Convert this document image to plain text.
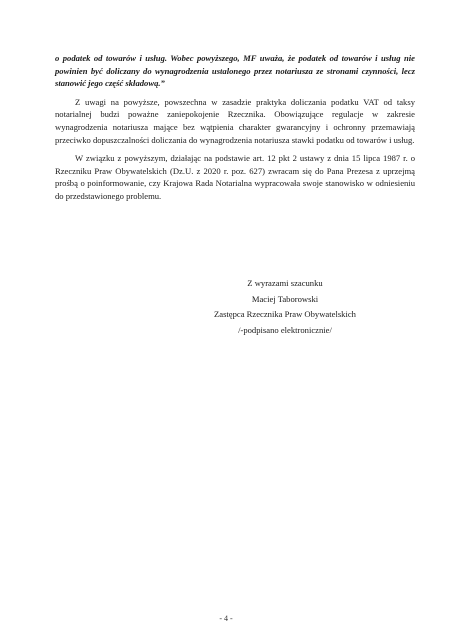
o podatek od towarów i usług. Wobec powyższego, MF uważa, że podatek od towarów i usług nie powinien być doliczany do wynagrodzenia ustalonego przez notariusza ze stronami czynności, lecz stanowić jego część składową.”

Z uwagi na powyższe, powszechna w zasadzie praktyka doliczania podatku VAT od taksy notarialnej budzi poważne zaniepokojenie Rzecznika. Obowiązujące regulacje w zakresie wynagrodzenia notariusza mające bez wątpienia charakter gwarancyjny i ochronny przemawiają przeciwko dopuszczalności doliczania do wynagrodzenia notariusza stawki podatku od towarów i usług.

W związku z powyższym, działając na podstawie art. 12 pkt 2 ustawy z dnia 15 lipca 1987 r. o Rzeczniku Praw Obywatelskich (Dz.U. z 2020 r. poz. 627) zwracam się do Pana Prezesa z uprzejmą prośbą o poinformowanie, czy Krajowa Rada Notarialna wypracowała swoje stanowisko w odniesieniu do przedstawionego problemu.

Z wyrazami szacunku
Maciej Taborowski
Zastępca Rzecznika Praw Obywatelskich
/-podpisano elektronicznie/
- 4 -
